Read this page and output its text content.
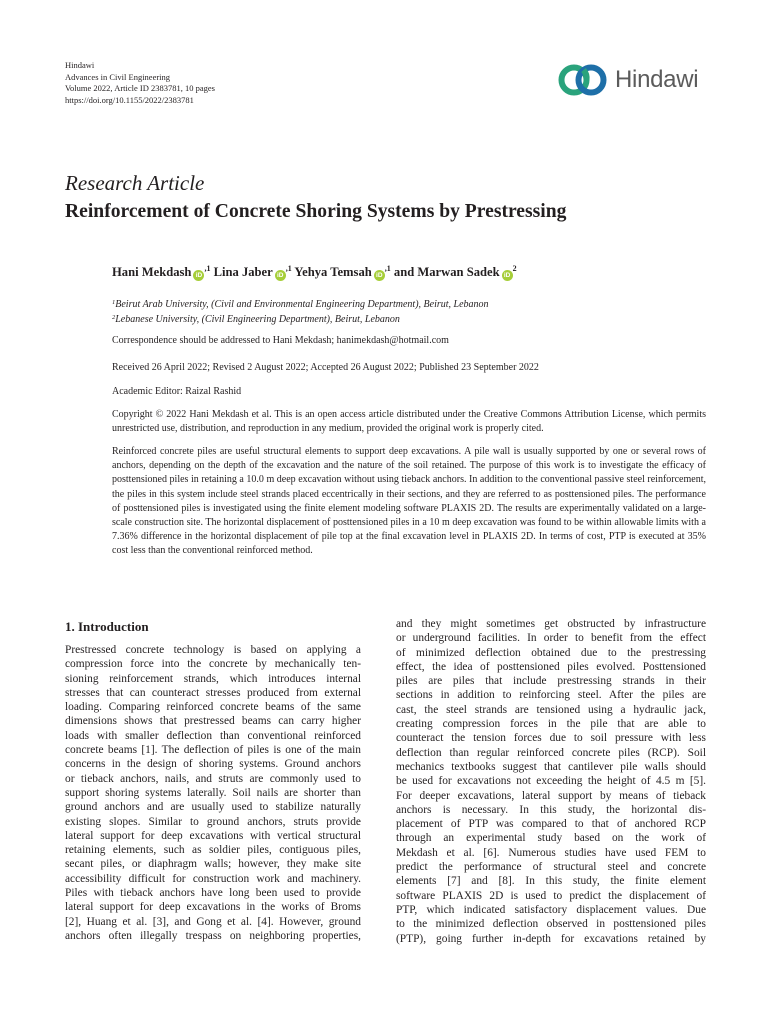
Hindawi
Advances in Civil Engineering
Volume 2022, Article ID 2383781, 10 pages
https://doi.org/10.1155/2022/2383781
Hindawi
Research Article
Reinforcement of Concrete Shoring Systems by Prestressing
Hani Mekdash $iD^{,1}$ Lina Jaber $iD^{,1}$ Yehya Temsah $iD^{,1}$ and Marwan Sadek $iD^2$
$^1$Beirut Arab University, (Civil and Environmental Engineering Department), Beirut, Lebanon
$^2$Lebanese University, (Civil Engineering Department), Beirut, Lebanon
Correspondence should be addressed to Hani Mekdash; hanimekdash@hotmail.com
Received 26 April 2022; Revised 2 August 2022; Accepted 26 August 2022; Published 23 September 2022
Academic Editor: Raizal Rashid
Copyright © 2022 Hani Mekdash et al. This is an open access article distributed under the Creative Commons Attribution License, which permits unrestricted use, distribution, and reproduction in any medium, provided the original work is properly cited.
Reinforced concrete piles are useful structural elements to support deep excavations. A pile wall is usually supported by one or several rows of anchors, depending on the depth of the excavation and the nature of the soil retained. The purpose of this work is to investigate the efficacy of posttensioned piles in retaining a 10.0 m deep excavation without using tieback anchors. In addition to the conventional passive steel reinforcement, the piles in this system include steel strands placed eccentrically in their sections, and they are referred to as posttensioned piles. The performance of posttensioned piles is investigated using the finite element modeling software PLAXIS 2D. The results are experimentally validated on a large-scale construction site. The horizontal displacement of posttensioned piles in a 10 m deep excavation was found to be within allowable limits with a 7.36% difference in the horizontal displacement of pile top at the final excavation level in PLAXIS 2D. In terms of cost, PTP is executed at 35% cost less than the conventional reinforced method.
1. Introduction
Prestressed concrete technology is based on applying a
compression force into the concrete by mechanically ten-
sioning reinforcement strands, which introduces internal
stresses that can counteract stresses produced from external
loading. Comparing reinforced concrete beams of the same
dimensions shows that prestressed beams can carry higher
loads with smaller deflection than conventional reinforced
concrete beams [1]. The deflection of piles is one of the main
concerns in the design of shoring systems. Ground anchors
or tieback anchors, nails, and struts are commonly used to
support shoring systems laterally. Soil nails are shorter than
ground anchors and are usually used to stabilize naturally
existing slopes. Similar to ground anchors, struts provide
lateral support for deep excavations with vertical structural
retaining elements, such as soldier piles, contiguous piles,
secant piles, or diaphragm walls; however, they make site
accessibility difficult for construction work and machinery.
Piles with tieback anchors have long been used to provide
lateral support for deep excavations in the works of Broms
[2], Huang et al. [3], and Gong et al. [4]. However, ground
anchors often illegally trespass on neighboring properties,
and they might sometimes get obstructed by infrastructure
or underground facilities. In order to benefit from the effect
of minimized deflection obtained due to the prestressing
effect, the idea of posttensioned piles evolved. Posttensioned
piles are piles that include prestressing strands in their
sections in addition to reinforcing steel. After the piles are
cast, the steel strands are tensioned using a hydraulic jack,
creating compression forces in the pile that are able to
counteract the tension forces due to soil pressure with less
deflection than regular reinforced concrete piles (RCP). Soil
mechanics textbooks suggest that cantilever pile walls should
be used for excavations not exceeding the height of 4.5 m [5].
For deeper excavations, lateral support by means of tieback
anchors is necessary. In this study, the horizontal dis-
placement of PTP was compared to that of anchored RCP
through an experimental study based on the work of
Mekdash et al. [6]. Numerous studies have used FEM to
predict the performance of structural steel and concrete
elements [7] and [8]. In this study, the finite element
software PLAXIS 2D is used to predict the displacement of
PTP, which indicated satisfactory displacement values. Due
to the minimized deflection observed in posttensioned piles
(PTP), going further in-depth for excavations retained by
